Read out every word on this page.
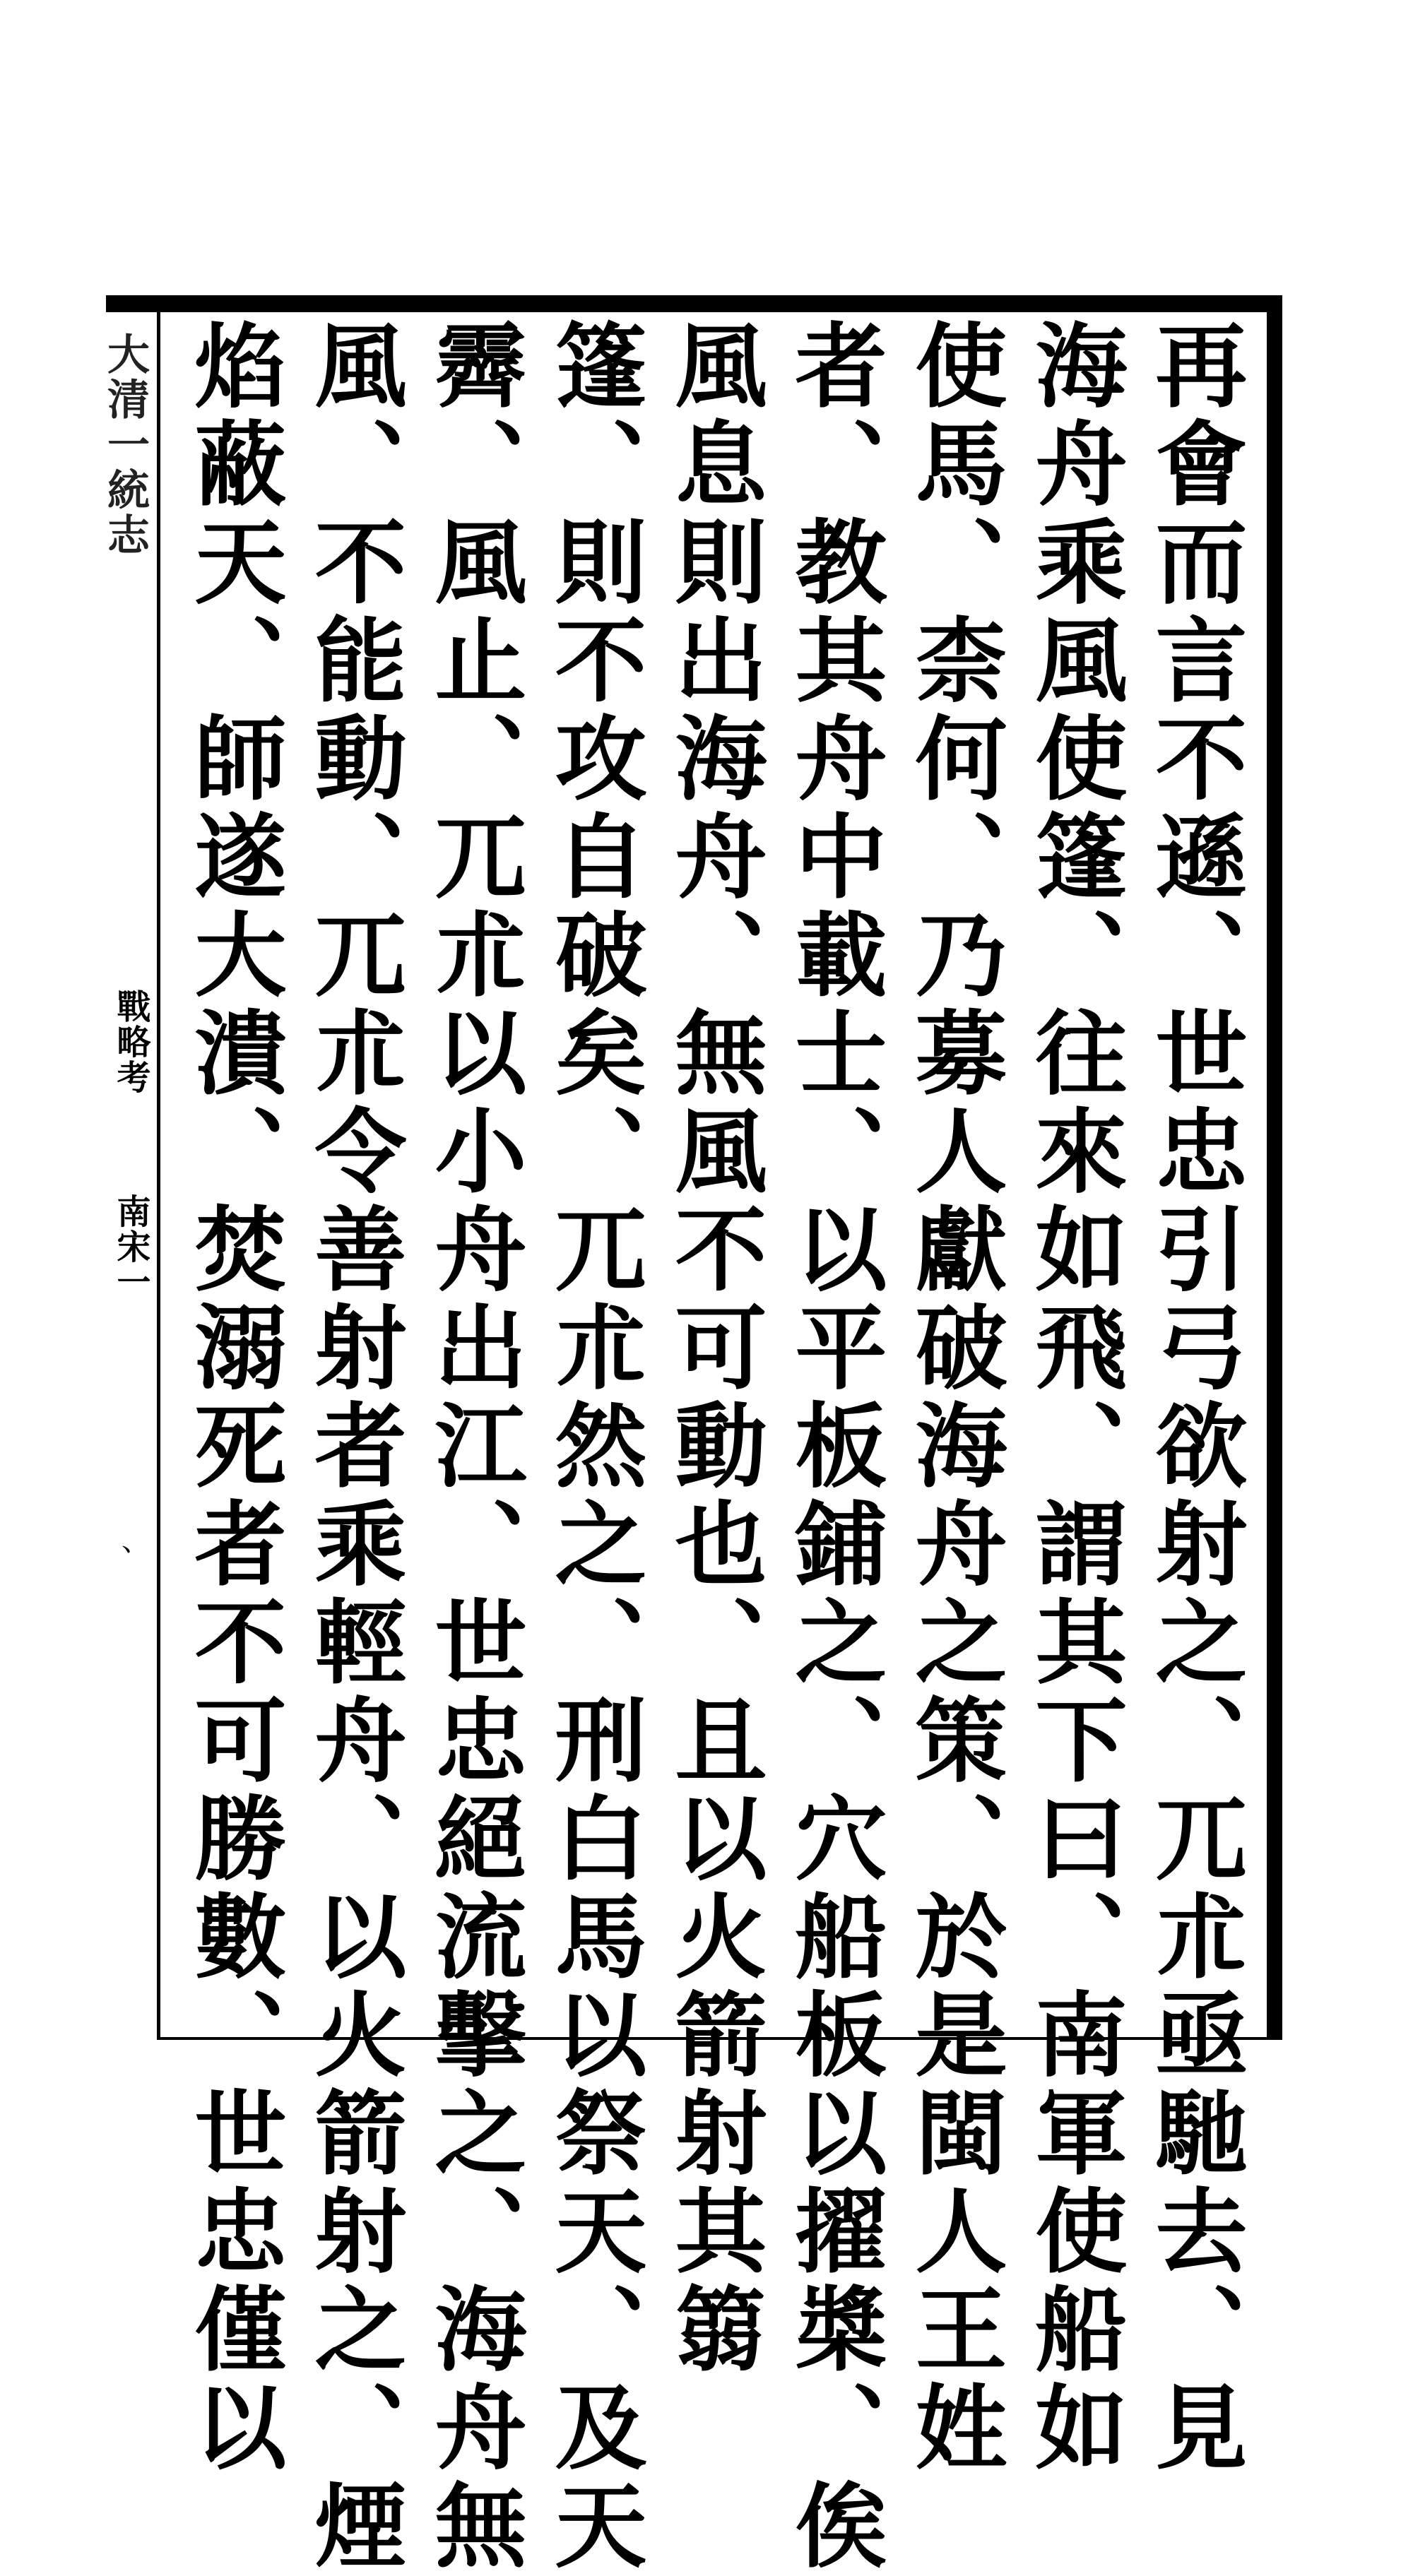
再會而言不遜、世忠引弓欲射之、兀朮亟馳去、見
海舟乘風使篷、往來如飛、謂其下曰、南軍使船如
使馬、柰何、乃募人獻破海舟之策、於是閩人王姓
者、教其舟中載士、以平板鋪之、穴船板以擢槳、俟
風息則出海舟、無風不可動也、且以火箭射其篛
篷、則不攻自破矣、兀朮然之、刑白馬以祭天、及天
霽、風止、兀朮以小舟出江、世忠絕流擊之、海舟無
風、不能動、兀朮令善射者乘輕舟、以火箭射之、煙
焰蔽天、師遂大潰、焚溺死者不可勝數、世忠僅以
大清一統志
戰略考
南宋一
、
